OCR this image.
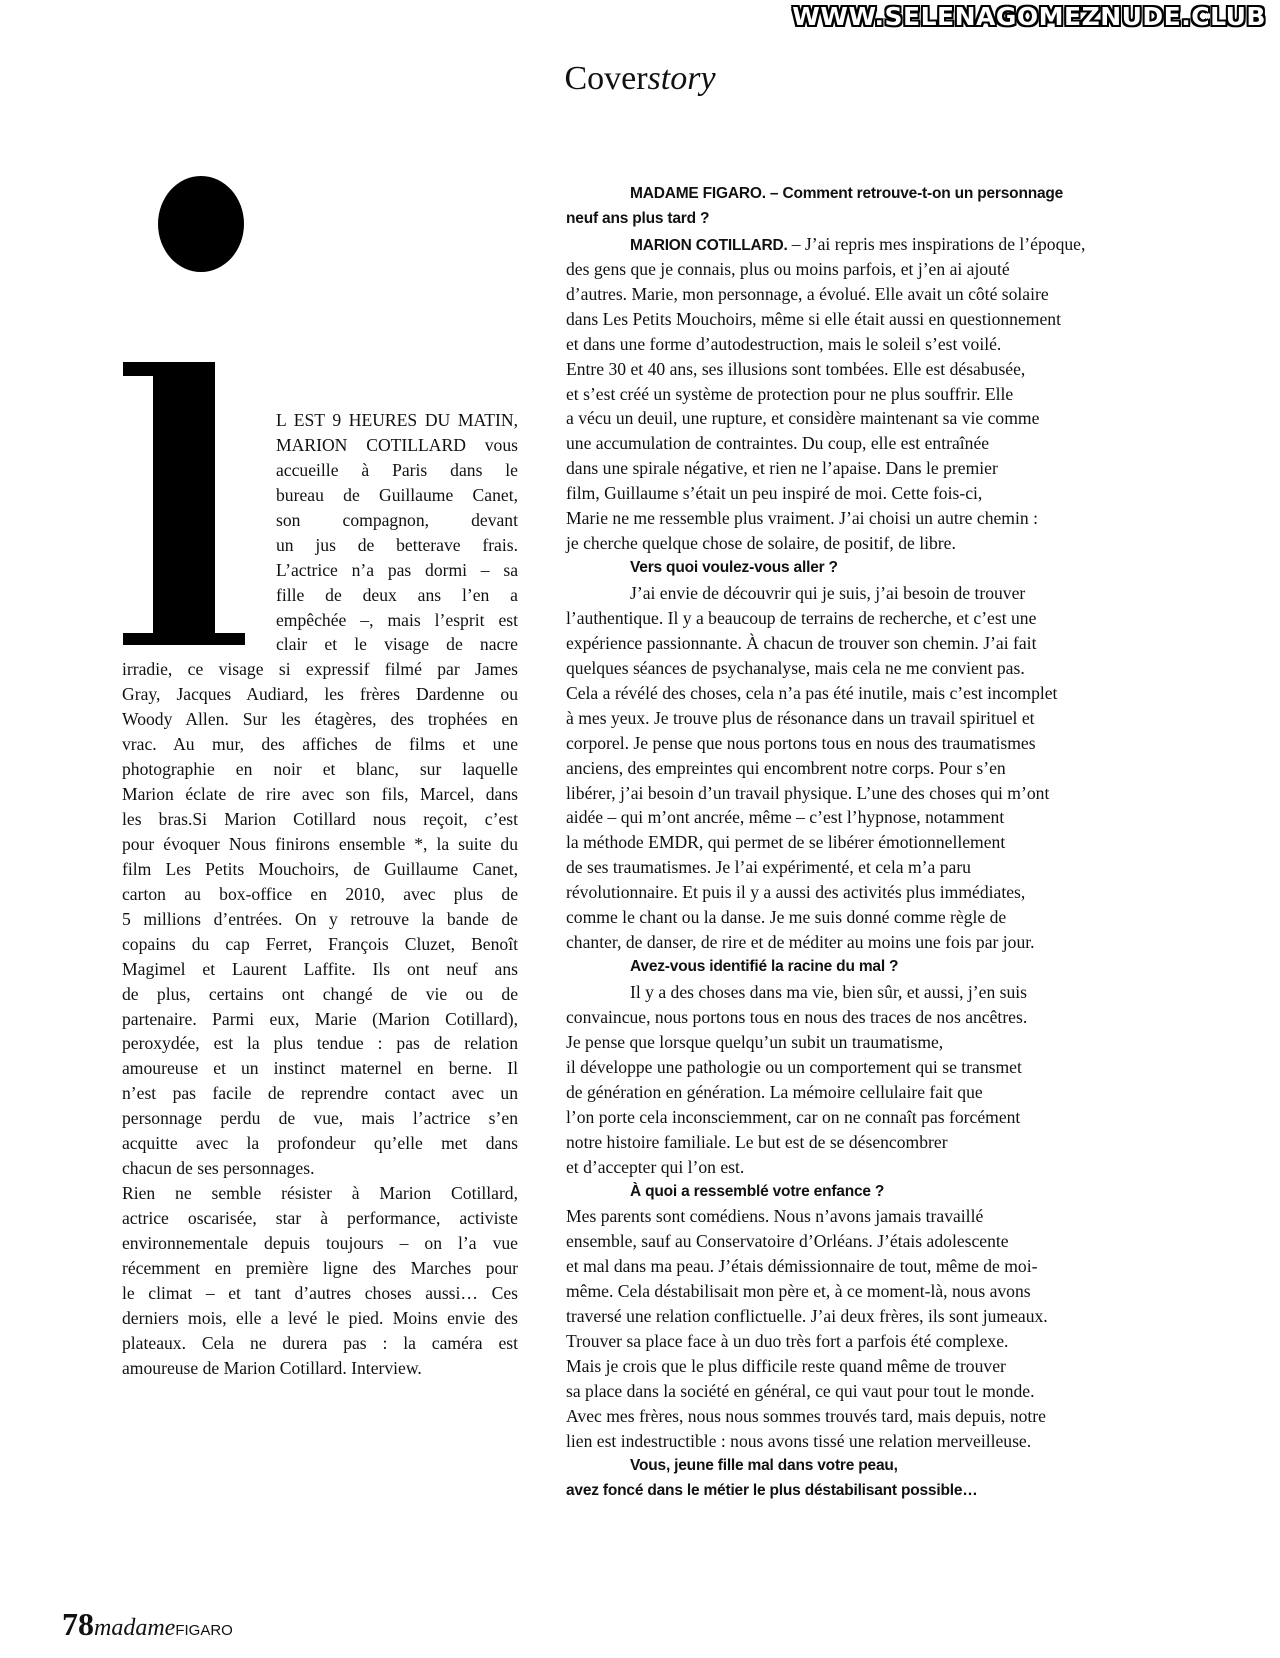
WWW.SELENAGOMEZNUDE.CLUB
Coverstory
L EST 9 HEURES DU MATIN,
MARION COTILLARD vous
accueille à Paris dans le
bureau de Guillaume Canet,
son compagnon, devant
un jus de betterave frais.
L’actrice n’a pas dormi – sa
fille de deux ans l’en a
empêchée –, mais l’esprit est
clair et le visage de nacre
irradie, ce visage si expressif filmé par James
Gray, Jacques Audiard, les frères Dardenne ou
Woody Allen. Sur les étagères, des trophées en
vrac. Au mur, des affiches de films et une
photographie en noir et blanc, sur laquelle
Marion éclate de rire avec son fils, Marcel, dans
les bras.Si Marion Cotillard nous reçoit, c’est
pour évoquer Nous finirons ensemble *, la suite du
film Les Petits Mouchoirs, de Guillaume Canet,
carton au box-office en 2010, avec plus de
5 millions d’entrées. On y retrouve la bande de
copains du cap Ferret, François Cluzet, Benoît
Magimel et Laurent Laffite. Ils ont neuf ans
de plus, certains ont changé de vie ou de
partenaire. Parmi eux, Marie (Marion Cotillard),
peroxydée, est la plus tendue : pas de relation
amoureuse et un instinct maternel en berne. Il
n’est pas facile de reprendre contact avec un
personnage perdu de vue, mais l’actrice s’en
acquitte avec la profondeur qu’elle met dans
chacun de ses personnages.
Rien ne semble résister à Marion Cotillard,
actrice oscarisée, star à performance, activiste
environnementale depuis toujours – on l’a vue
récemment en première ligne des Marches pour
le climat – et tant d’autres choses aussi… Ces
derniers mois, elle a levé le pied. Moins envie des
plateaux. Cela ne durera pas : la caméra est
amoureuse de Marion Cotillard. Interview.
MADAME FIGARO. – Comment retrouve-t-on un personnage
neuf ans plus tard ?
MARION COTILLARD. – J’ai repris mes inspirations de l’époque,
des gens que je connais, plus ou moins parfois, et j’en ai ajouté
d’autres. Marie, mon personnage, a évolué. Elle avait un côté solaire
dans Les Petits Mouchoirs, même si elle était aussi en questionnement
et dans une forme d’autodestruction, mais le soleil s’est voilé.
Entre 30 et 40 ans, ses illusions sont tombées. Elle est désabusée,
et s’est créé un système de protection pour ne plus souffrir. Elle
a vécu un deuil, une rupture, et considère maintenant sa vie comme
une accumulation de contraintes. Du coup, elle est entraînée
dans une spirale négative, et rien ne l’apaise. Dans le premier
film, Guillaume s’était un peu inspiré de moi. Cette fois-ci,
Marie ne me ressemble plus vraiment. J’ai choisi un autre chemin :
je cherche quelque chose de solaire, de positif, de libre.
Vers quoi voulez-vous aller ?
J’ai envie de découvrir qui je suis, j’ai besoin de trouver
l’authentique. Il y a beaucoup de terrains de recherche, et c’est une
expérience passionnante. À chacun de trouver son chemin. J’ai fait
quelques séances de psychanalyse, mais cela ne me convient pas.
Cela a révélé des choses, cela n’a pas été inutile, mais c’est incomplet
à mes yeux. Je trouve plus de résonance dans un travail spirituel et
corporel. Je pense que nous portons tous en nous des traumatismes
anciens, des empreintes qui encombrent notre corps. Pour s’en
libérer, j’ai besoin d’un travail physique. L’une des choses qui m’ont
aidée – qui m’ont ancrée, même – c’est l’hypnose, notamment
la méthode EMDR, qui permet de se libérer émotionnellement
de ses traumatismes. Je l’ai expérimenté, et cela m’a paru
révolutionnaire. Et puis il y a aussi des activités plus immédiates,
comme le chant ou la danse. Je me suis donné comme règle de
chanter, de danser, de rire et de méditer au moins une fois par jour.
Avez-vous identifié la racine du mal ?
Il y a des choses dans ma vie, bien sûr, et aussi, j’en suis
convaincue, nous portons tous en nous des traces de nos ancêtres.
Je pense que lorsque quelqu’un subit un traumatisme,
il développe une pathologie ou un comportement qui se transmet
de génération en génération. La mémoire cellulaire fait que
l’on porte cela inconsciemment, car on ne connaît pas forcément
notre histoire familiale. Le but est de se désencombrer
et d’accepter qui l’on est.
À quoi a ressemblé votre enfance ?
Mes parents sont comédiens. Nous n’avons jamais travaillé
ensemble, sauf au Conservatoire d’Orléans. J’étais adolescente
et mal dans ma peau. J’étais démissionnaire de tout, même de moi-
même. Cela déstabilisait mon père et, à ce moment-là, nous avons
traversé une relation conflictuelle. J’ai deux frères, ils sont jumeaux.
Trouver sa place face à un duo très fort a parfois été complexe.
Mais je crois que le plus difficile reste quand même de trouver
sa place dans la société en général, ce qui vaut pour tout le monde.
Avec mes frères, nous nous sommes trouvés tard, mais depuis, notre
lien est indestructible : nous avons tissé une relation merveilleuse.
Vous, jeune fille mal dans votre peau,
avez foncé dans le métier le plus déstabilisant possible…
78madameFIGARO
